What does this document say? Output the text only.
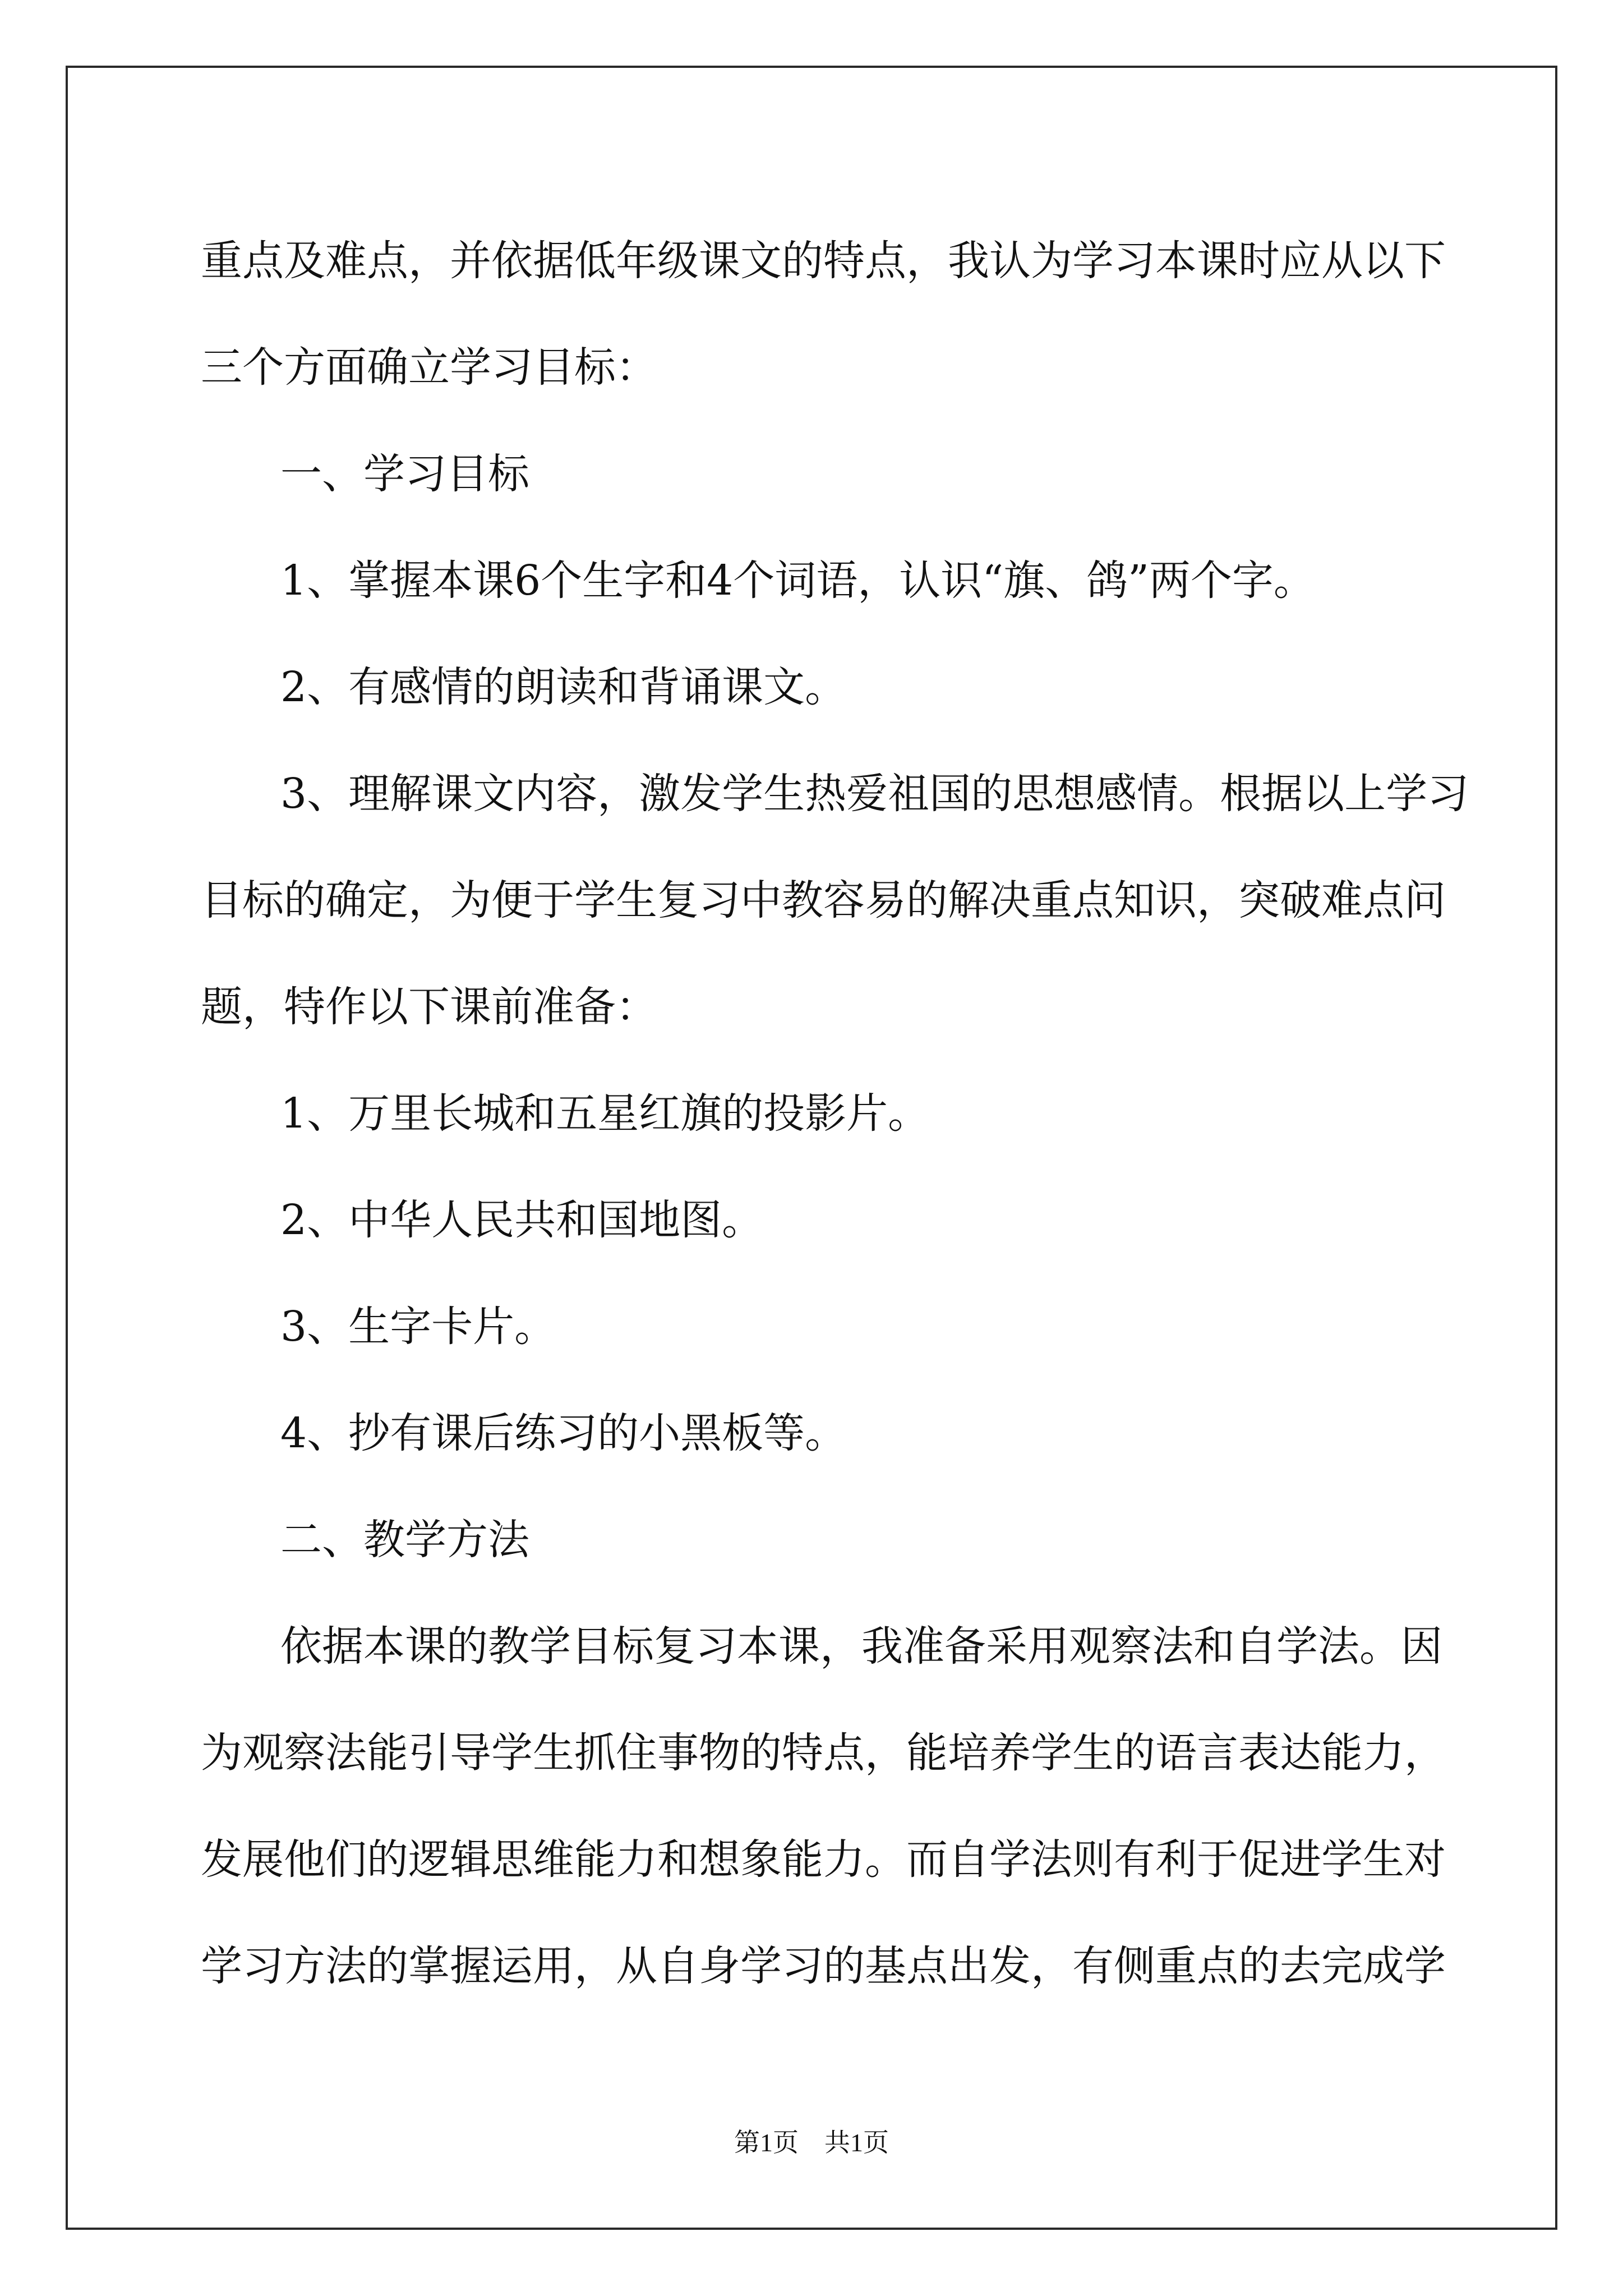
重点及难点，并依据低年级课文的特点，我认为学习本课时应从以下

三个方面确立学习目标：

一、学习目标

1、掌握本课6个生字和4个词语，认识“旗、鸽”两个字。

2、有感情的朗读和背诵课文。

3、理解课文内容，激发学生热爱祖国的思想感情。根据以上学习

目标的确定，为便于学生复习中教容易的解决重点知识，突破难点问

题，特作以下课前准备：

1、万里长城和五星红旗的投影片。

2、中华人民共和国地图。

3、生字卡片。

4、抄有课后练习的小黑板等。

二、教学方法

依据本课的教学目标复习本课，我准备采用观察法和自学法。因

为观察法能引导学生抓住事物的特点，能培养学生的语言表达能力，

发展他们的逻辑思维能力和想象能力。而自学法则有利于促进学生对

学习方法的掌握运用，从自身学习的基点出发，有侧重点的去完成学

第1页　共1页
